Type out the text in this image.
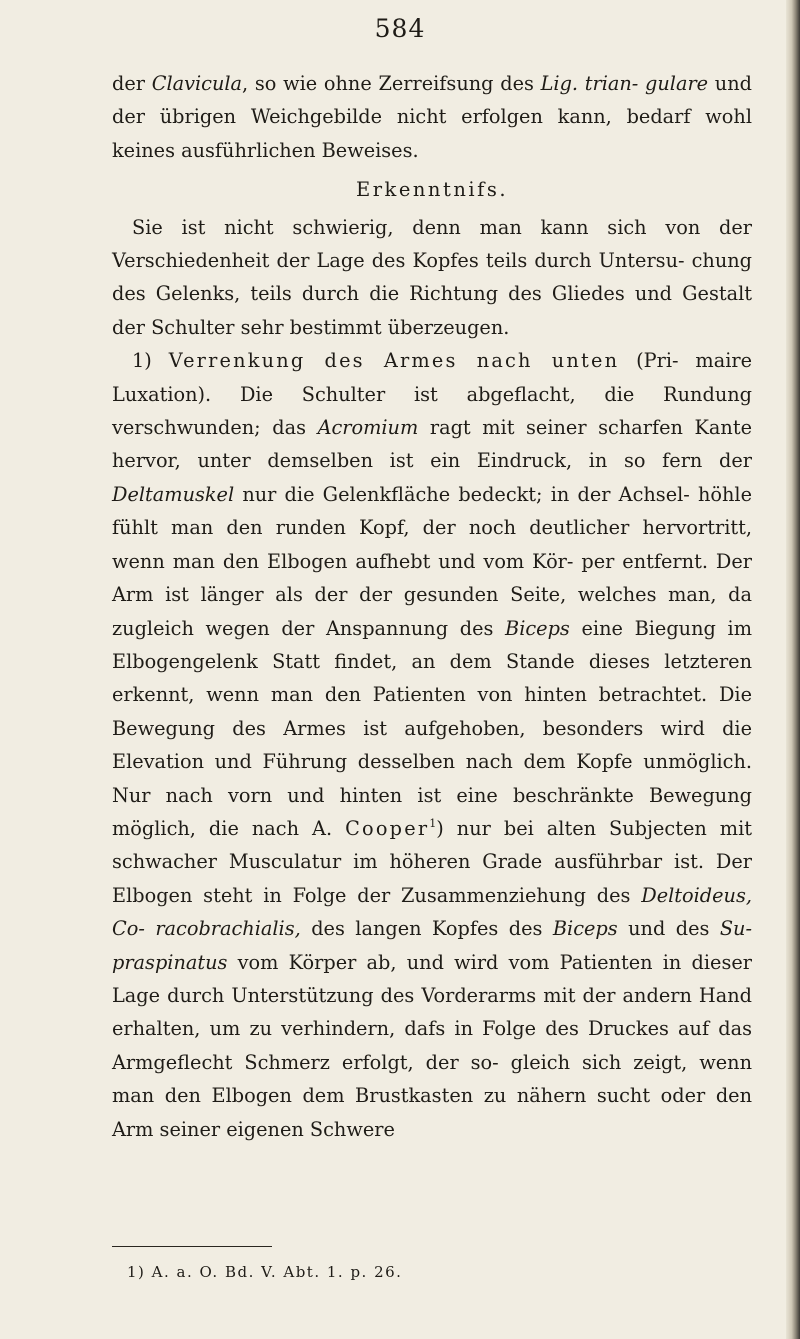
584

der Clavicula, so wie ohne Zerreifsung des Lig. trian- gulare und der übrigen Weichgebilde nicht erfolgen kann, bedarf wohl keines ausführlichen Beweises.

Erkenntnifs.

Sie ist nicht schwierig, denn man kann sich von der Verschiedenheit der Lage des Kopfes teils durch Untersu- chung des Gelenks, teils durch die Richtung des Gliedes und Gestalt der Schulter sehr bestimmt überzeugen.

1) Verrenkung des Armes nach unten (Pri- maire Luxation). Die Schulter ist abgeflacht, die Rundung verschwunden; das Acromium ragt mit seiner scharfen Kante hervor, unter demselben ist ein Eindruck, in so fern der Deltamuskel nur die Gelenkfläche bedeckt; in der Achsel- höhle fühlt man den runden Kopf, der noch deutlicher hervortritt, wenn man den Elbogen aufhebt und vom Kör- per entfernt. Der Arm ist länger als der der gesunden Seite, welches man, da zugleich wegen der Anspannung des Biceps eine Biegung im Elbogengelenk Statt findet, an dem Stande dieses letzteren erkennt, wenn man den Patienten von hinten betrachtet. Die Bewegung des Armes ist aufgehoben, besonders wird die Elevation und Führung desselben nach dem Kopfe unmöglich. Nur nach vorn und hinten ist eine beschränkte Bewegung möglich, die nach A. Cooper$^1$) nur bei alten Subjecten mit schwacher Musculatur im höheren Grade ausführbar ist. Der Elbogen steht in Folge der Zusammenziehung des Deltoideus, Co- racobrachialis, des langen Kopfes des Biceps und des Su- praspinatus vom Körper ab, und wird vom Patienten in dieser Lage durch Unterstützung des Vorderarms mit der andern Hand erhalten, um zu verhindern, dafs in Folge des Druckes auf das Armgeflecht Schmerz erfolgt, der so- gleich sich zeigt, wenn man den Elbogen dem Brustkasten zu nähern sucht oder den Arm seiner eigenen Schwere

1) A. a. O. Bd. V. Abt. 1. p. 26.
